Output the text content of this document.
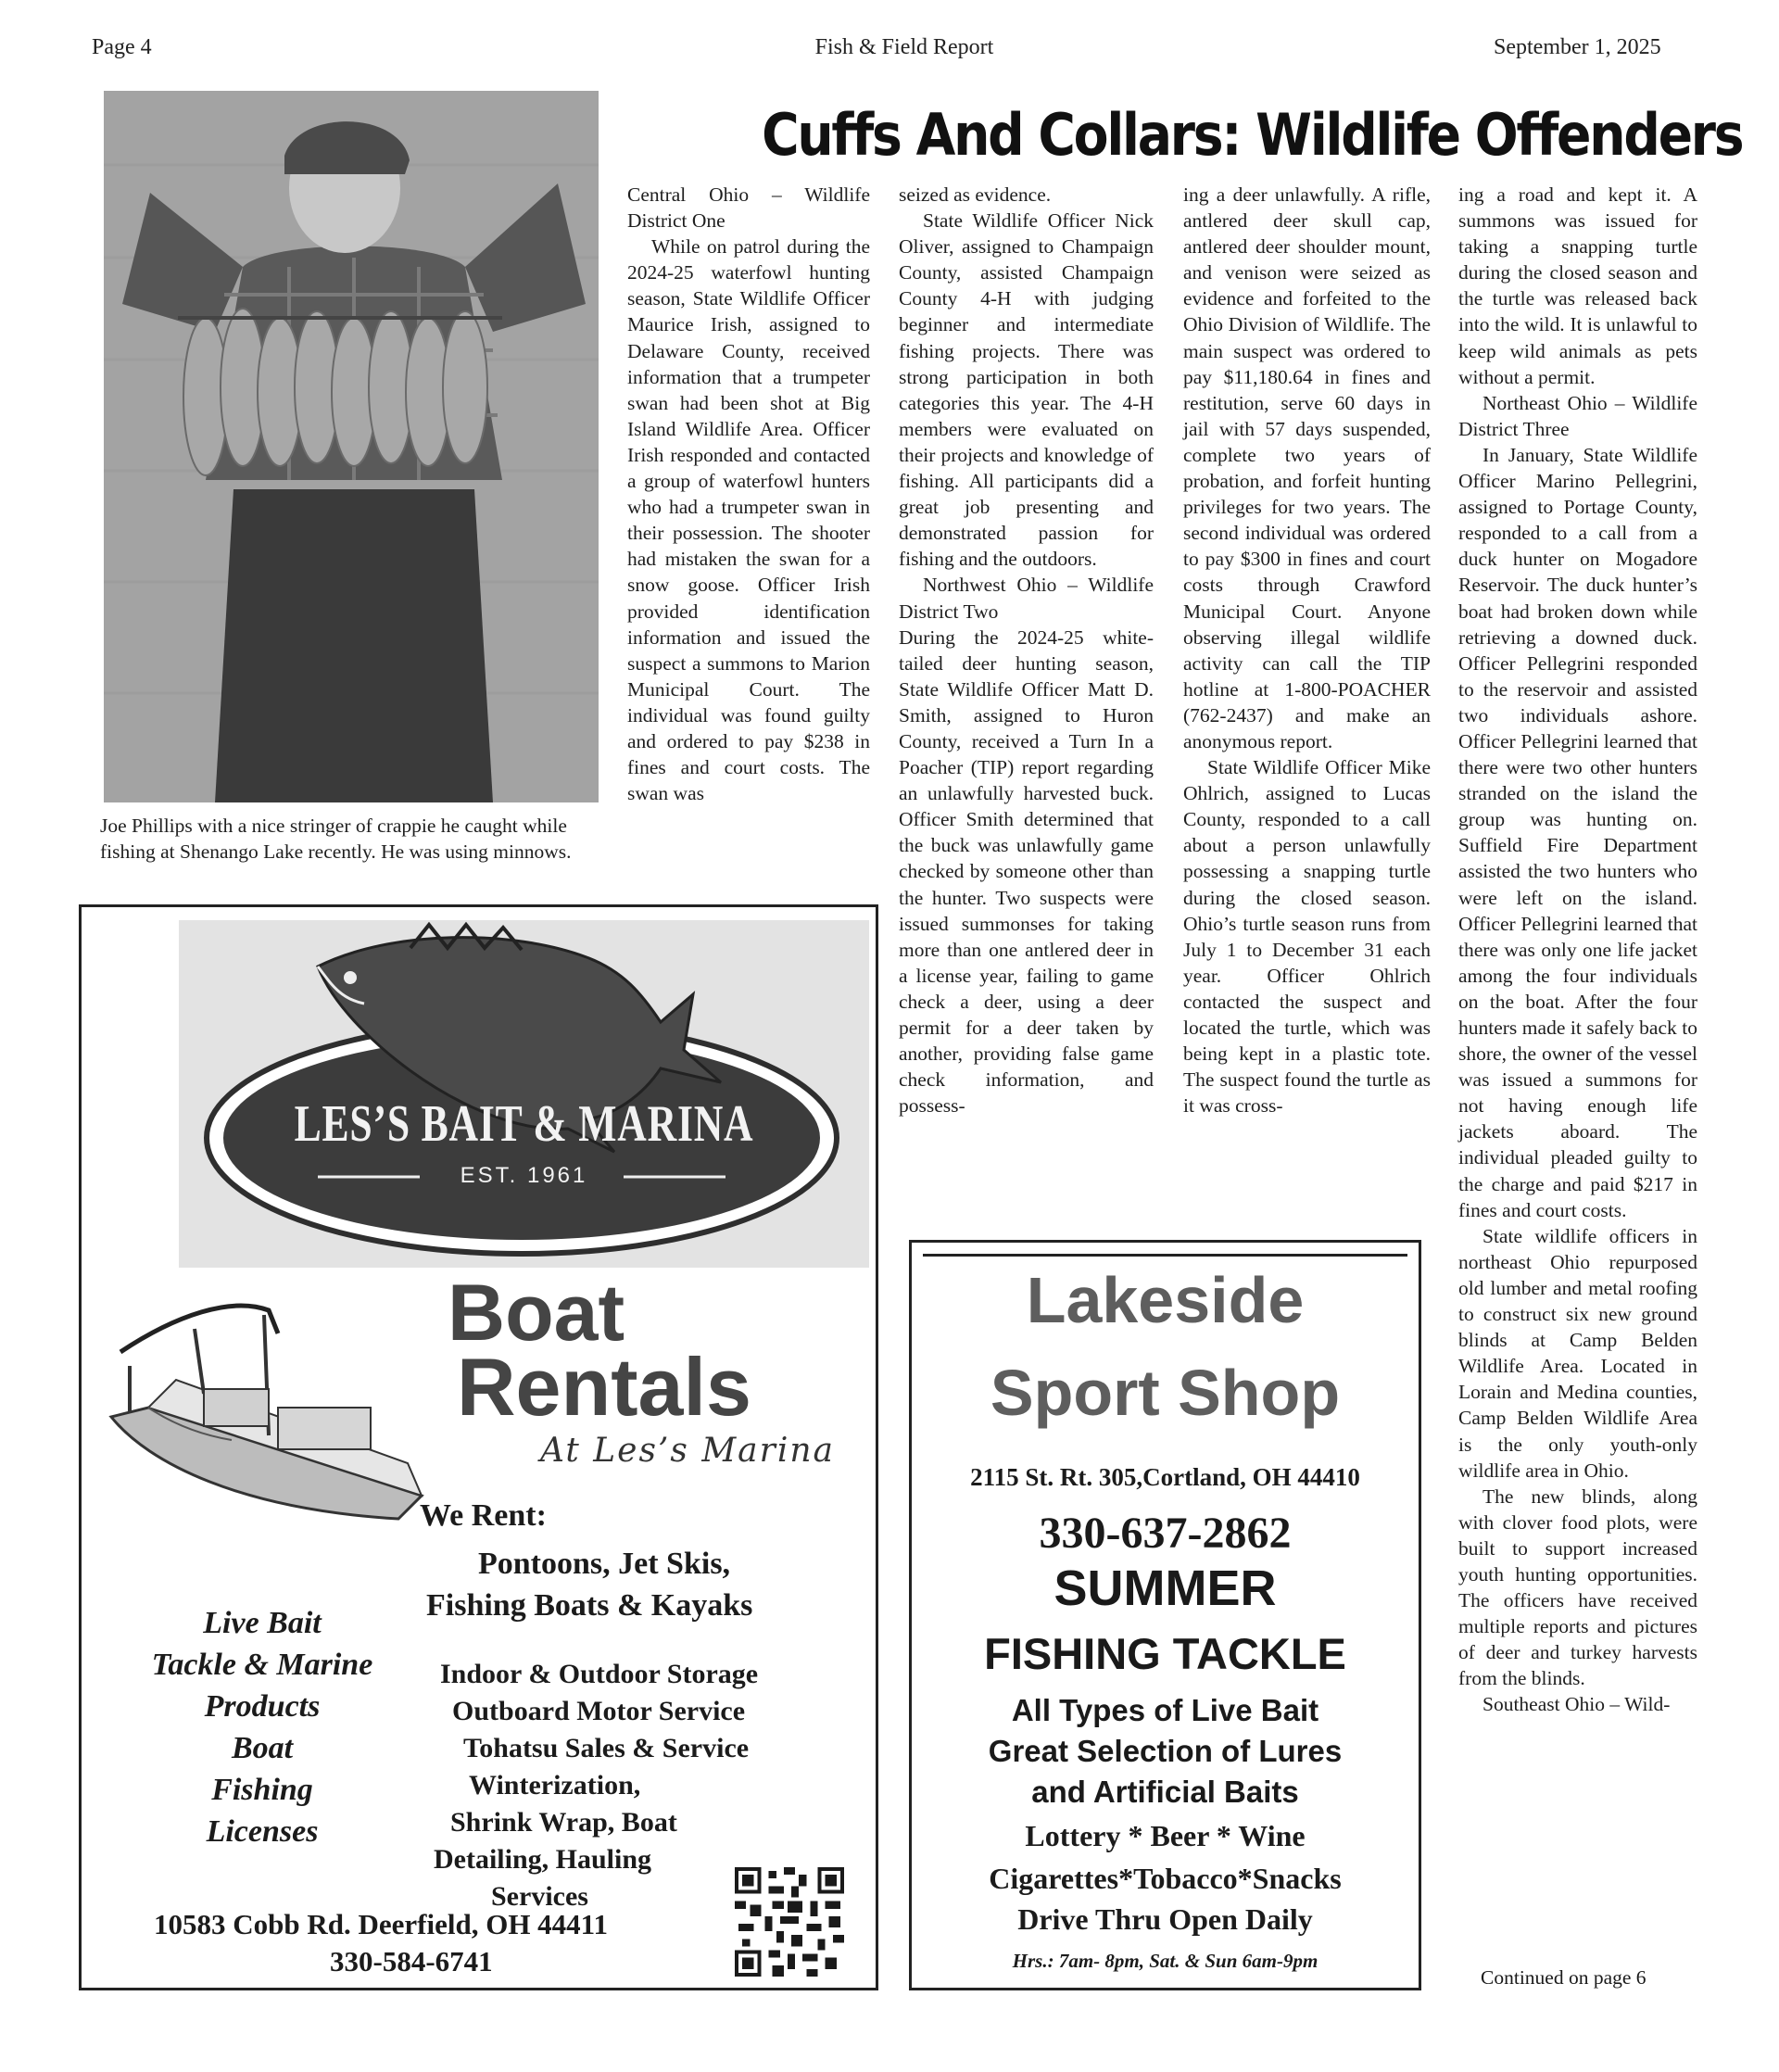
Page 4	Fish & Field Report	September 1, 2025
Joe Phillips with a nice stringer of crappie he caught while fishing at Shenango Lake recently. He was using minnows.
Cuffs And Collars: Wildlife Offenders

Central Ohio – Wildlife District One

While on patrol during the 2024-25 waterfowl hunting season, State Wildlife Officer Maurice Irish, assigned to Delaware County, received information that a trumpeter swan had been shot at Big Island Wildlife Area. Officer Irish responded and contacted a group of waterfowl hunters who had a trumpeter swan in their possession. The shooter had mistaken the swan for a snow goose. Officer Irish provided identification information and issued the suspect a summons to Marion Municipal Court. The individual was found guilty and ordered to pay $238 in fines and court costs. The swan was

seized as evidence.

State Wildlife Officer Nick Oliver, assigned to Champaign County, assisted Champaign County 4-H with judging beginner and intermediate fishing projects. There was strong participation in both categories this year. The 4-H members were evaluated on their projects and knowledge of fishing. All participants did a great job presenting and demonstrated passion for fishing and the outdoors.

Northwest Ohio – Wildlife District Two

During the 2024-25 white-tailed deer hunting season, State Wildlife Officer Matt D. Smith, assigned to Huron County, received a Turn In a Poacher (TIP) report regarding an unlawfully harvested buck. Officer Smith determined that the buck was unlawfully game checked by someone other than the hunter. Two suspects were issued summonses for taking more than one antlered deer in a license year, failing to game check a deer, using a deer permit for a deer taken by another, providing false game check information, and possess-

ing a deer unlawfully. A rifle, antlered deer skull cap, antlered deer shoulder mount, and venison were seized as evidence and forfeited to the Ohio Division of Wildlife. The main suspect was ordered to pay $11,180.64 in fines and restitution, serve 60 days in jail with 57 days suspended, complete two years of probation, and forfeit hunting privileges for two years. The second individual was ordered to pay $300 in fines and court costs through Crawford Municipal Court. Anyone observing illegal wildlife activity can call the TIP hotline at 1-800-POACHER (762-2437) and make an anonymous report.

State Wildlife Officer Mike Ohlrich, assigned to Lucas County, responded to a call about a person unlawfully possessing a snapping turtle during the closed season. Ohio’s turtle season runs from July 1 to December 31 each year. Officer Ohlrich contacted the suspect and located the turtle, which was being kept in a plastic tote. The suspect found the turtle as it was cross-

ing a road and kept it. A summons was issued for taking a snapping turtle during the closed season and the turtle was released back into the wild. It is unlawful to keep wild animals as pets without a permit.

Northeast Ohio – Wildlife District Three

In January, State Wildlife Officer Marino Pellegrini, assigned to Portage County, responded to a call from a duck hunter on Mogadore Reservoir. The duck hunter’s boat had broken down while retrieving a downed duck. Officer Pellegrini responded to the reservoir and assisted two individuals ashore. Officer Pellegrini learned that there were two other hunters stranded on the island the group was hunting on. Suffield Fire Department assisted the two hunters who were left on the island. Officer Pellegrini learned that there was only one life jacket among the four individuals on the boat. After the four hunters made it safely back to shore, the owner of the vessel was issued a summons for not having enough life jackets aboard. The individual pleaded guilty to the charge and paid $217 in fines and court costs.

State wildlife officers in northeast Ohio repurposed old lumber and metal roofing to construct six new ground blinds at Camp Belden Wildlife Area. Located in Lorain and Medina counties, Camp Belden Wildlife Area is the only youth-only wildlife area in Ohio.

The new blinds, along with clover food plots, were built to support increased youth hunting opportunities. The officers have received multiple reports and pictures of deer and turkey harvests from the blinds.

Southeast Ohio – Wild-

Continued on page 6
LES’S BAIT & MARINA
EST. 1961
Boat
Rentals
At Les’s Marina
We Rent:
Pontoons, Jet Skis,
Fishing Boats & Kayaks
Live Bait
Tackle & Marine
Products
Boat
Fishing
Licenses
Indoor & Outdoor Storage
Outboard Motor Service
Tohatsu Sales & Service
Winterization,
Shrink Wrap, Boat
Detailing, Hauling
Services
10583 Cobb Rd. Deerfield, OH 44411
330-584-6741
Lakeside
Sport Shop
2115 St. Rt. 305,Cortland, OH 44410
330-637-2862
SUMMER
FISHING TACKLE
All Types of Live Bait
Great Selection of Lures
and Artificial Baits
Lottery * Beer * Wine
Cigarettes*Tobacco*Snacks
Drive Thru Open Daily
Hrs.: 7am- 8pm, Sat. & Sun 6am-9pm
